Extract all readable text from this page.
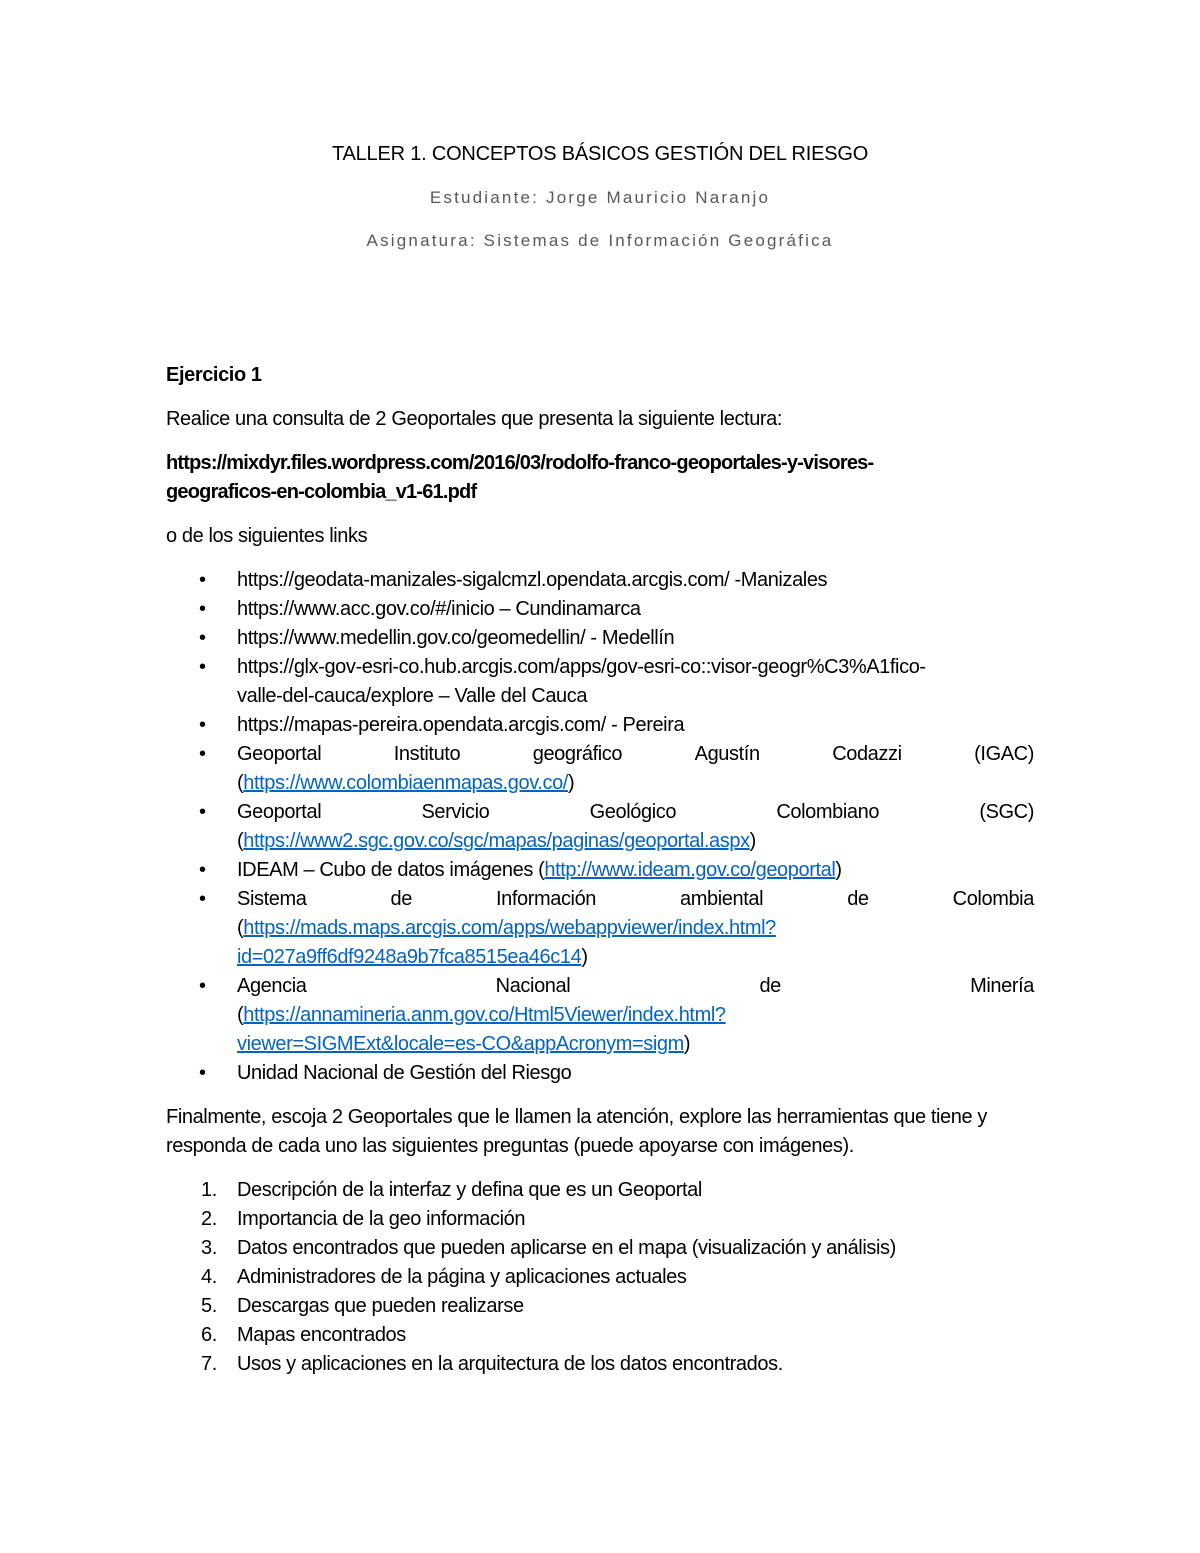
TALLER 1. CONCEPTOS BÁSICOS GESTIÓN DEL RIESGO
Estudiante: Jorge Mauricio Naranjo
Asignatura: Sistemas de Información Geográfica

Ejercicio 1

Realice una consulta de 2 Geoportales que presenta la siguiente lectura:

https://mixdyr.files.wordpress.com/2016/03/rodolfo-franco-geoportales-y-visores-
geograficos-en-colombia_v1-61.pdf

o de los siguientes links

• https://geodata-manizales-sigalcmzl.opendata.arcgis.com/ -Manizales
• https://www.acc.gov.co/#/inicio – Cundinamarca
• https://www.medellin.gov.co/geomedellin/ - Medellín
• https://glx-gov-esri-co.hub.arcgis.com/apps/gov-esri-co::visor-geogr%C3%A1fico-
valle-del-cauca/explore – Valle del Cauca
• https://mapas-pereira.opendata.arcgis.com/ - Pereira
• Geoportal	Instituto	geográfico	Agustín	Codazzi	(IGAC)
(https://www.colombiaenmapas.gov.co/)
• Geoportal	Servicio	Geológico	Colombiano	(SGC)
(https://www2.sgc.gov.co/sgc/mapas/paginas/geoportal.aspx)
• IDEAM – Cubo de datos imágenes (http://www.ideam.gov.co/geoportal)
• Sistema	de	Información	ambiental	de	Colombia
(https://mads.maps.arcgis.com/apps/webappviewer/index.html?
id=027a9ff6df9248a9b7fca8515ea46c14)
• Agencia	Nacional	de	Minería
(https://annamineria.anm.gov.co/Html5Viewer/index.html?
viewer=SIGMExt&locale=es-CO&appAcronym=sigm)
• Unidad Nacional de Gestión del Riesgo

Finalmente, escoja 2 Geoportales que le llamen la atención, explore las herramientas que tiene y responda de cada uno las siguientes preguntas (puede apoyarse con imágenes).

1. Descripción de la interfaz y defina que es un Geoportal
2. Importancia de la geo información
3. Datos encontrados que pueden aplicarse en el mapa (visualización y análisis)
4. Administradores de la página y aplicaciones actuales
5. Descargas que pueden realizarse
6. Mapas encontrados
7. Usos y aplicaciones en la arquitectura de los datos encontrados.
